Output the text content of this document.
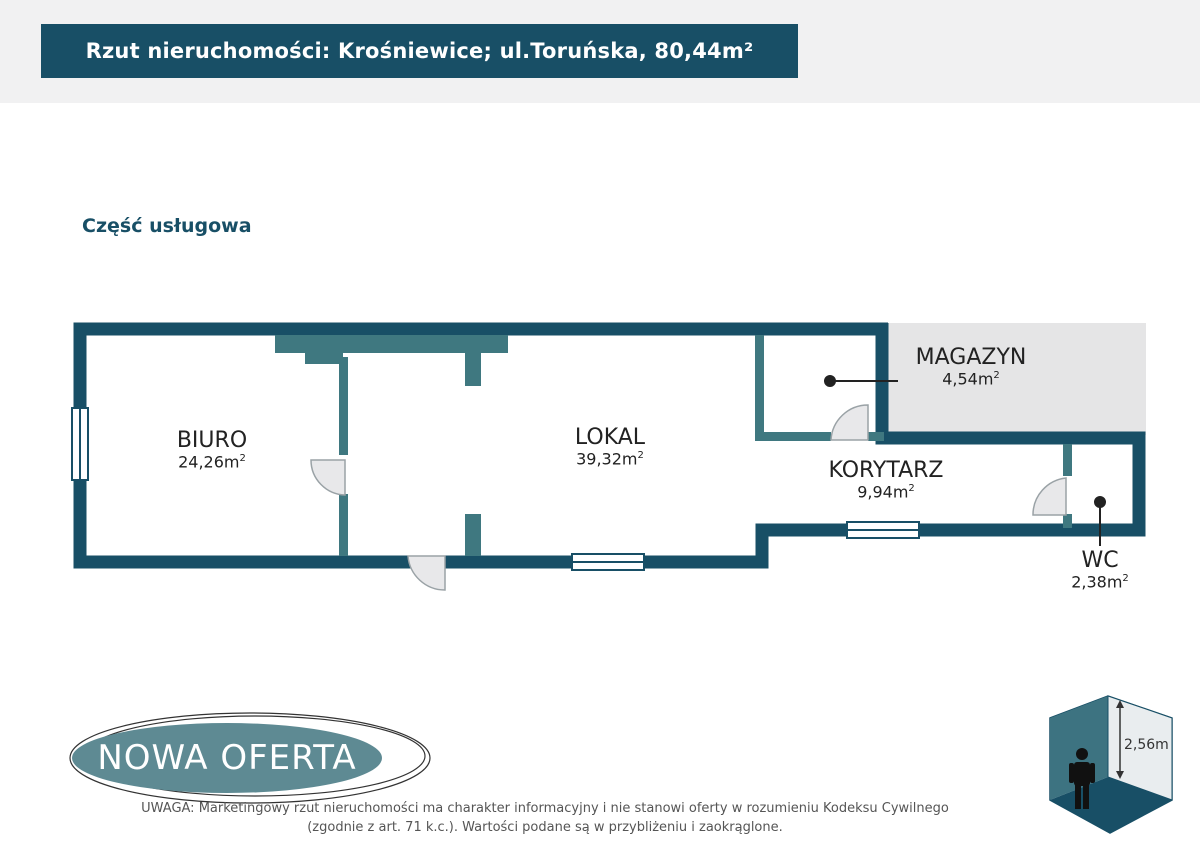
Rzut nieruchomości: Krośniewice; ul.Toruńska, 80,44m²
Część usługowa
BIURO
$24,26m^2$
LOKAL
$39,32m^2$
MAGAZYN
$4,54m^2$
KORYTARZ
$9,94m^2$
WC
$2,38m^2$
NOWA OFERTA	2,56m
UWAGA: Marketingowy rzut nieruchomości ma charakter informacyjny i nie stanowi oferty w rozumieniu Kodeksu Cywilnego
(zgodnie z art. 71 k.c.). Wartości podane są w przybliżeniu i zaokrąglone.
